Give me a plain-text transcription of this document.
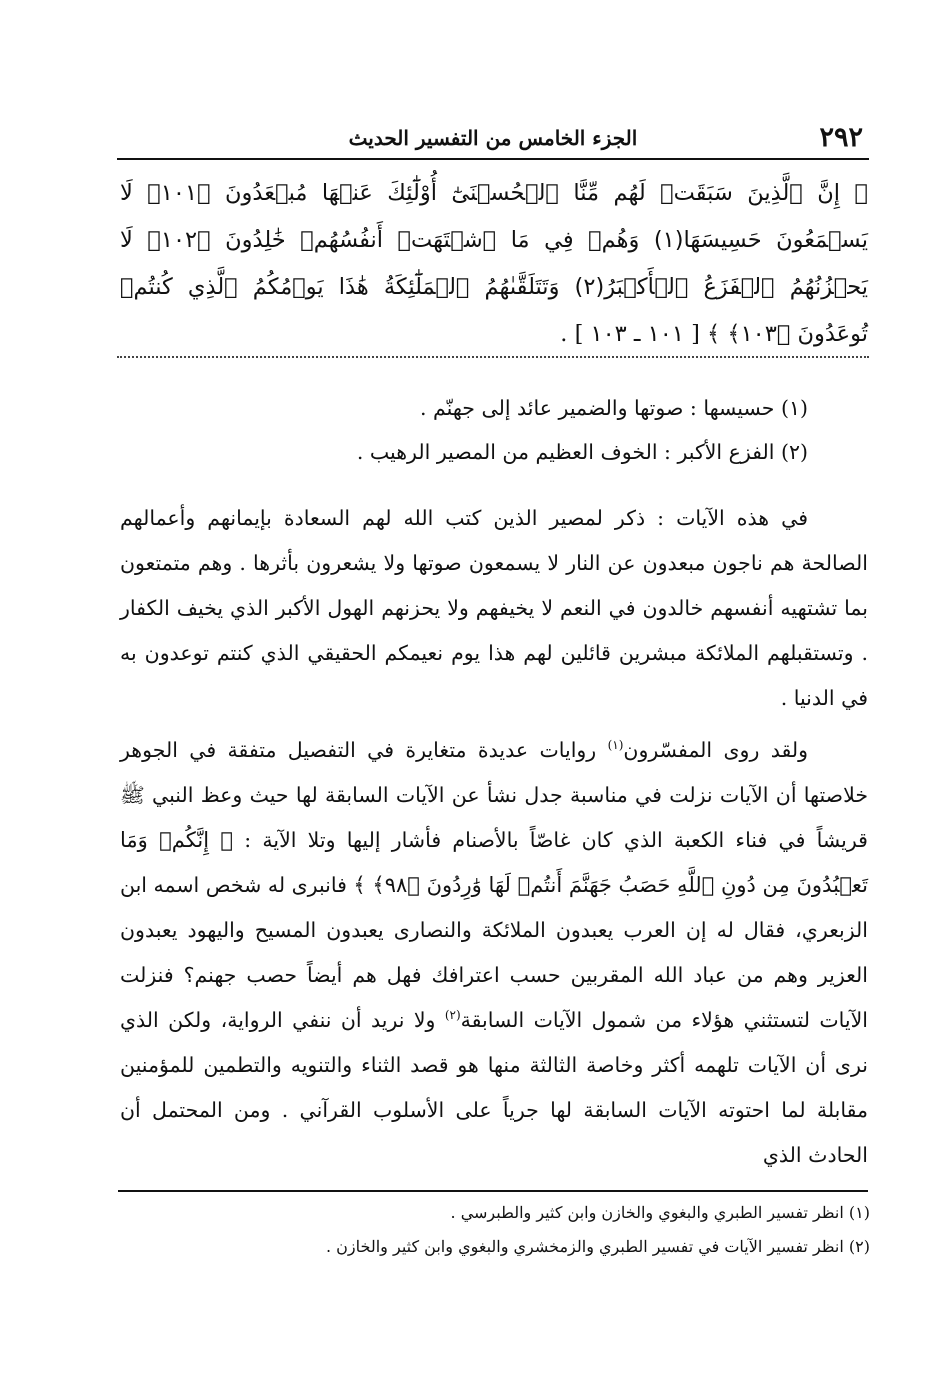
٢٩٢
الجزء الخامس من التفسير الحديث
﴿ إِنَّ ٱلَّذِينَ سَبَقَتۡ لَهُم مِّنَّا ٱلۡحُسۡنَىٰٓ أُوْلَٰٓئِكَ عَنۡهَا مُبۡعَدُونَ ﴿١٠١﴾ لَا يَسۡمَعُونَ حَسِيسَهَا(١) وَهُمۡ فِي مَا ٱشۡتَهَتۡ أَنفُسُهُمۡ خَٰلِدُونَ ﴿١٠٢﴾ لَا يَحۡزُنُهُمُ ٱلۡفَزَعُ ٱلۡأَكۡبَرُ(٢) وَتَتَلَقَّىٰهُمُ ٱلۡمَلَٰٓئِكَةُ هَٰذَا يَوۡمُكُمُ ٱلَّذِي كُنتُمۡ تُوعَدُونَ ﴿١٠٣﴾ ﴾ [ ١٠١ ـ ١٠٣ ] .
(١) حسيسها : صوتها والضمير عائد إلى جهنّم .
(٢) الفزع الأكبر : الخوف العظيم من المصير الرهيب .
في هذه الآيات : ذكر لمصير الذين كتب الله لهم السعادة بإيمانهم وأعمالهم الصالحة هم ناجون مبعدون عن النار لا يسمعون صوتها ولا يشعرون بأثرها . وهم متمتعون بما تشتهيه أنفسهم خالدون في النعم لا يخيفهم ولا يحزنهم الهول الأكبر الذي يخيف الكفار . وتستقبلهم الملائكة مبشرين قائلين لهم هذا يوم نعيمكم الحقيقي الذي كنتم توعدون به في الدنيا .
ولقد روى المفسّرون$^{(١)}$ روايات عديدة متغايرة في التفصيل متفقة في الجوهر خلاصتها أن الآيات نزلت في مناسبة جدل نشأ عن الآيات السابقة لها حيث وعظ النبي ﷺ قريشاً في فناء الكعبة الذي كان غاصّاً بالأصنام فأشار إليها وتلا الآية : ﴿ إِنَّكُمۡ وَمَا تَعۡبُدُونَ مِن دُونِ ٱللَّهِ حَصَبُ جَهَنَّمَ أَنتُمۡ لَهَا وَٰرِدُونَ ﴿٩٨﴾ ﴾ فانبرى له شخص اسمه ابن الزبعري، فقال له إن العرب يعبدون الملائكة والنصارى يعبدون المسيح واليهود يعبدون العزير وهم من عباد الله المقربين حسب اعترافك فهل هم أيضاً حصب جهنم؟ فنزلت الآيات لتستثني هؤلاء من شمول الآيات السابقة$^{(٢)}$ ولا نريد أن ننفي الرواية، ولكن الذي نرى أن الآيات تلهمه أكثر وخاصة الثالثة منها هو قصد الثناء والتنويه والتطمين للمؤمنين مقابلة لما احتوته الآيات السابقة لها جرياً على الأسلوب القرآني . ومن المحتمل أن الحادث الذي
(١) انظر تفسير الطبري والبغوي والخازن وابن كثير والطبرسي .
(٢) انظر تفسير الآيات في تفسير الطبري والزمخشري والبغوي وابن كثير والخازن .
